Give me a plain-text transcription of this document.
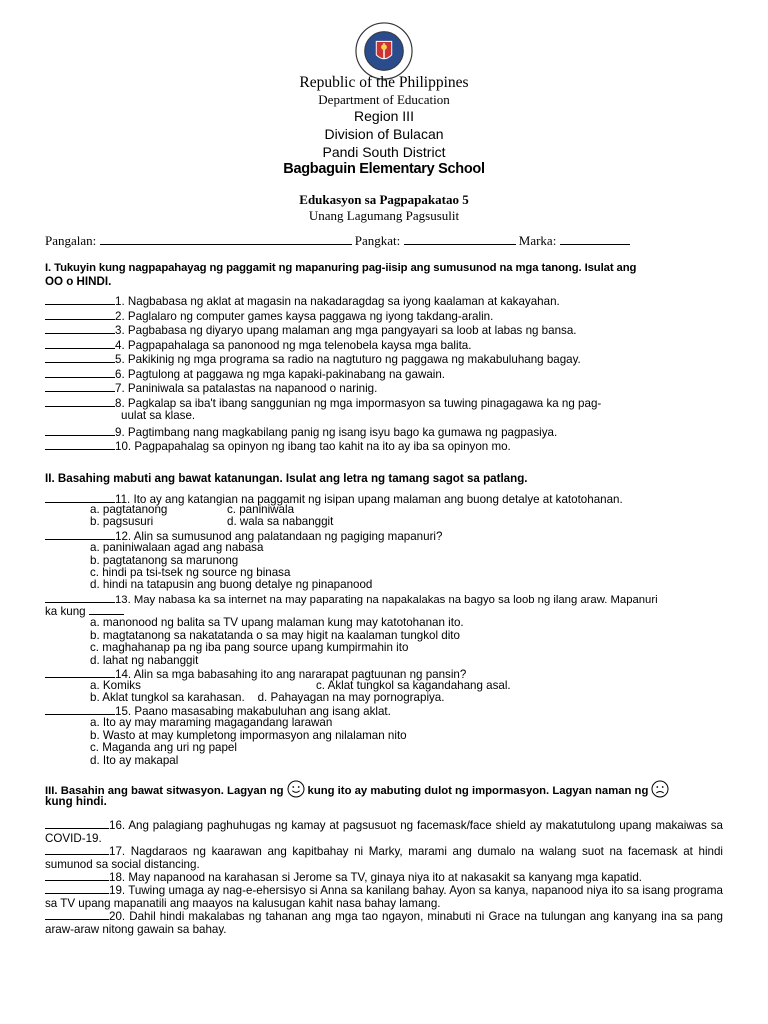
Republic of the Philippines
Department of Education
Region III
Division of Bulacan
Pandi South District
Bagbaguin Elementary School
Edukasyon sa Pagpapakatao 5
Unang Lagumang Pagsusulit
Pangalan:	Pangkat:	Marka:
I. Tukuyin kung nagpapahayag ng paggamit ng mapanuring pag-iisip ang sumusunod na mga tanong. Isulat ang
OO o HINDI.
1. Nagbabasa ng aklat at magasin na nakadaragdag sa iyong kaalaman at kakayahan.
2. Paglalaro ng computer games kaysa paggawa ng iyong takdang-aralin.
3. Pagbabasa ng diyaryo upang malaman ang mga pangyayari sa loob at labas ng bansa.
4. Pagpapahalaga sa panonood ng mga telenobela kaysa mga balita.
5. Pakikinig ng mga programa sa radio na nagtuturo ng paggawa ng makabuluhang bagay.
6. Pagtulong at paggawa ng mga kapaki-pakinabang na gawain.
7. Paniniwala sa patalastas na napanood o narinig.
8. Pagkalap sa iba't ibang sanggunian ng mga impormasyon sa tuwing pinagagawa ka ng pag-
uulat sa klase.
9. Pagtimbang nang magkabilang panig ng isang isyu bago ka gumawa ng pagpasiya.
10. Pagpapahalag sa opinyon ng ibang tao kahit na ito ay iba sa opinyon mo.
II. Basahing mabuti ang bawat katanungan. Isulat ang letra ng tamang sagot sa patlang.
11. Ito ay ang katangian na paggamit ng isipan upang malaman ang buong detalye at katotohanan.
a. pagtatanong	c. paniniwala
b. pagsusuri	d. wala sa nabanggit
12. Alin sa sumusunod ang palatandaan ng pagiging mapanuri?
a. paniniwalaan agad ang nabasa
b. pagtatanong sa marunong
c. hindi pa tsi-tsek ng source ng binasa
d. hindi na tatapusin ang buong detalye ng pinapanood
13. May nabasa ka sa internet na may paparating na napakalakas na bagyo sa loob ng ilang araw. Mapanuri
ka kung
a. manonood ng balita sa TV upang malaman kung may katotohanan ito.
b. magtatanong sa nakatatanda o sa may higit na kaalaman tungkol dito
c. maghahanap pa ng iba pang source upang kumpirmahin ito
d. lahat ng nabanggit
14. Alin sa mga babasahing ito ang nararapat pagtuunan ng pansin?
a. Komiks	c. Aklat tungkol sa kagandahang asal.
b. Aklat tungkol sa karahasan.    d. Pahayagan na may pornograpiya.
15. Paano masasabing makabuluhan ang isang aklat.
a. Ito ay may maraming magagandang larawan
b. Wasto at may kumpletong impormasyon ang nilalaman nito
c. Maganda ang uri ng papel
d. Ito ay makapal
III. Basahin ang bawat sitwasyon. Lagyan ng kung ito ay mabuting dulot ng impormasyon. Lagyan naman ng
kung hindi.
16. Ang palagiang paghuhugas ng kamay at pagsusuot ng facemask/face shield ay makatutulong upang makaiwas sa COVID-19.
17. Nagdaraos ng kaarawan ang kapitbahay ni Marky, marami ang dumalo na walang suot na facemask at hindi sumunod sa social distancing.
18. May napanood na karahasan si Jerome sa TV, ginaya niya ito at nakasakit sa kanyang mga kapatid.
19. Tuwing umaga ay nag-e-ehersisyo si Anna sa kanilang bahay. Ayon sa kanya, napanood niya ito sa isang programa sa TV upang mapanatili ang maayos na kalusugan kahit nasa bahay lamang.
20. Dahil hindi makalabas ng tahanan ang mga tao ngayon, minabuti ni Grace na tulungan ang kanyang ina sa pang araw-araw nitong gawain sa bahay.
